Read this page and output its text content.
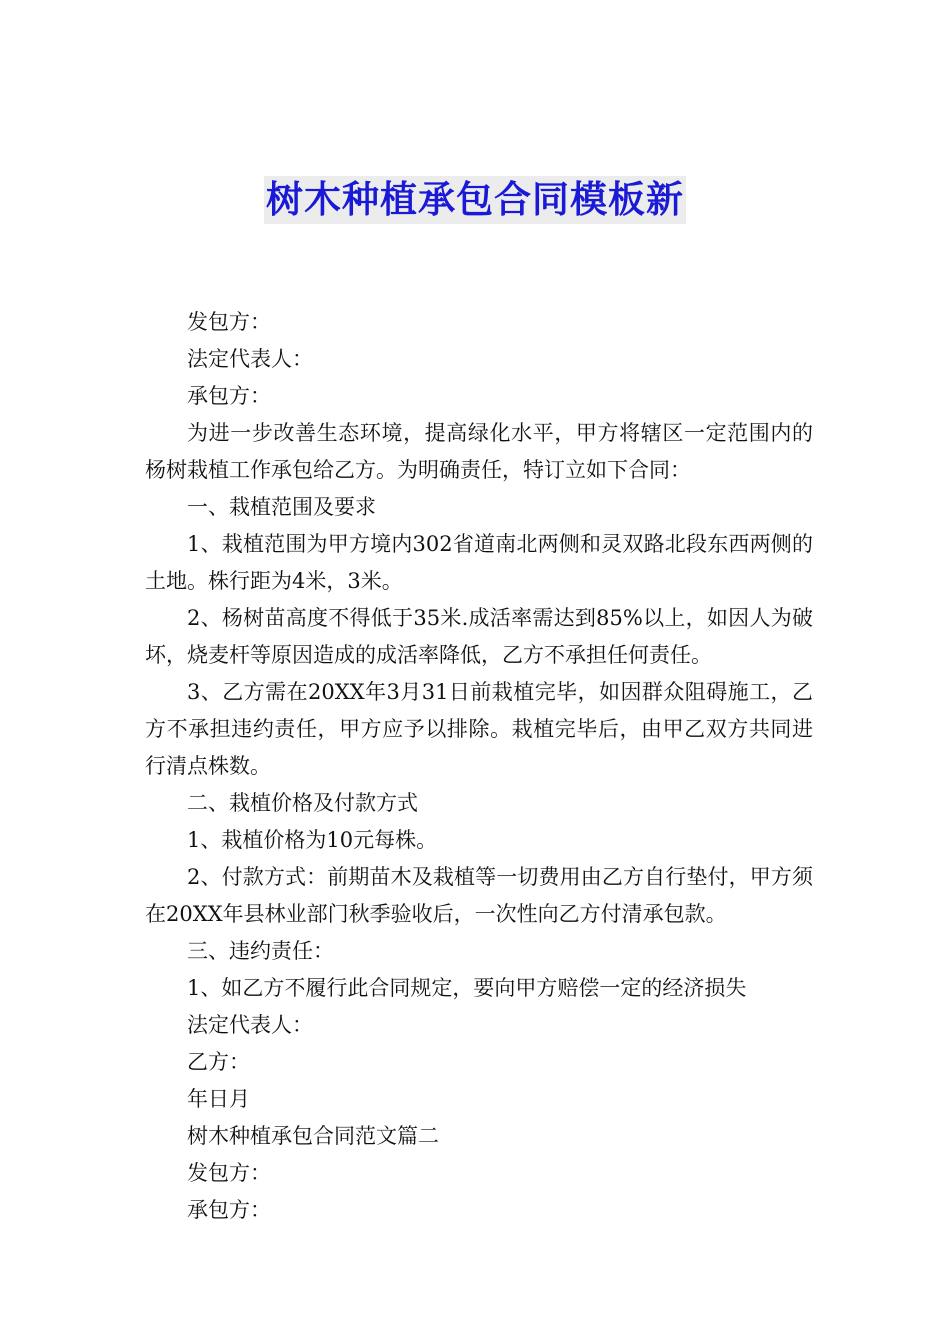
树木种植承包合同模板新

发包方：

法定代表人：

承包方：

为进一步改善生态环境，提高绿化水平，甲方将辖区一定范围内的杨树栽植工作承包给乙方。为明确责任，特订立如下合同：

一、栽植范围及要求

1、栽植范围为甲方境内302省道南北两侧和灵双路北段东西两侧的土地。株行距为4米，3米。

2、杨树苗高度不得低于35米.成活率需达到85%以上，如因人为破坏，烧麦杆等原因造成的成活率降低，乙方不承担任何责任。

3、乙方需在20XX年3月31日前栽植完毕，如因群众阻碍施工，乙方不承担违约责任，甲方应予以排除。栽植完毕后，由甲乙双方共同进行清点株数。

二、栽植价格及付款方式

1、栽植价格为10元每株。

2、付款方式：前期苗木及栽植等一切费用由乙方自行垫付，甲方须在20XX年县林业部门秋季验收后，一次性向乙方付清承包款。

三、违约责任：

1、如乙方不履行此合同规定，要向甲方赔偿一定的经济损失

法定代表人：

乙方：

年日月

树木种植承包合同范文篇二

发包方：

承包方：
